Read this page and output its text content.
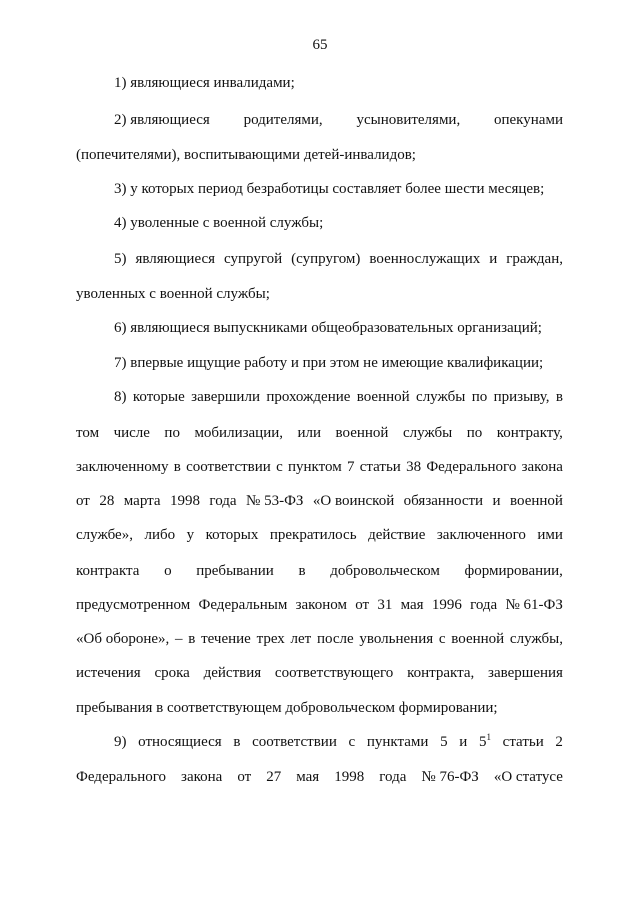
65
1) являющиеся инвалидами;
2) являющиеся родителями, усыновителями, опекунами
(попечителями), воспитывающими детей-инвалидов;
3) у которых период безработицы составляет более шести месяцев;
4) уволенные с военной службы;
5) являющиеся супругой (супругом) военнослужащих и граждан,
уволенных с военной службы;
6) являющиеся выпускниками общеобразовательных организаций;
7) впервые ищущие работу и при этом не имеющие квалификации;
8) которые завершили прохождение военной службы по призыву, в
том числе по мобилизации, или военной службы по контракту,
заключенному в соответствии с пунктом 7 статьи 38 Федерального закона
от 28 марта 1998 года № 53-ФЗ «О воинской обязанности и военной
службе», либо у которых прекратилось действие заключенного ими
контракта о пребывании в добровольческом формировании,
предусмотренном Федеральным законом от 31 мая 1996 года № 61-ФЗ
«Об обороне», – в течение трех лет после увольнения с военной службы,
истечения срока действия соответствующего контракта, завершения
пребывания в соответствующем добровольческом формировании;
9) относящиеся в соответствии с пунктами 5 и $5^1$ статьи 2
Федерального закона от 27 мая 1998 года № 76-ФЗ «О статусе
